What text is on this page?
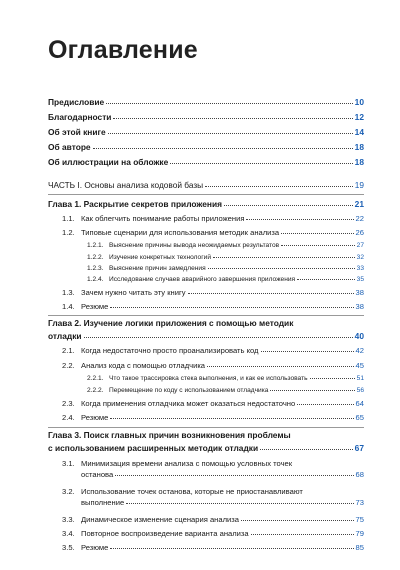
Оглавление
Предисловие	10
Благодарности	12
Об этой книге	14
Об авторе	18
Об иллюстрации на обложке	18
ЧАСТЬ I. Основы анализа кодовой базы	19
Глава 1. Раскрытие секретов приложения	21
1.1. Как облегчить понимание работы приложения	22
1.2. Типовые сценарии для использования методик анализа	26
1.2.1. Выяснение причины вывода неожидаемых результатов	27
1.2.2. Изучение конкретных технологий	32
1.2.3. Выяснение причин замедления	33
1.2.4. Исследование случаев аварийного завершения приложения	35
1.3. Зачем нужно читать эту книгу	38
1.4. Резюме	38
Глава 2. Изучение логики приложения с помощью методик
отладки	40
2.1. Когда недостаточно просто проанализировать код	42
2.2. Анализ кода с помощью отладчика	45
2.2.1. Что такое трассировка стека выполнения, и как ее использовать	51
2.2.2. Перемещение по коду с использованием отладчика	56
2.3. Когда применения отладчика может оказаться недостаточно	64
2.4. Резюме	65
Глава 3. Поиск главных причин возникновения проблемы
с использованием расширенных методик отладки	67
3.1. Минимизация времени анализа с помощью условных точек
останова	68
3.2. Использование точек останова, которые не приостанавливают
выполнение	73
3.3. Динамическое изменение сценария анализа	75
3.4. Повторное воспроизведение варианта анализа	79
3.5. Резюме	85
